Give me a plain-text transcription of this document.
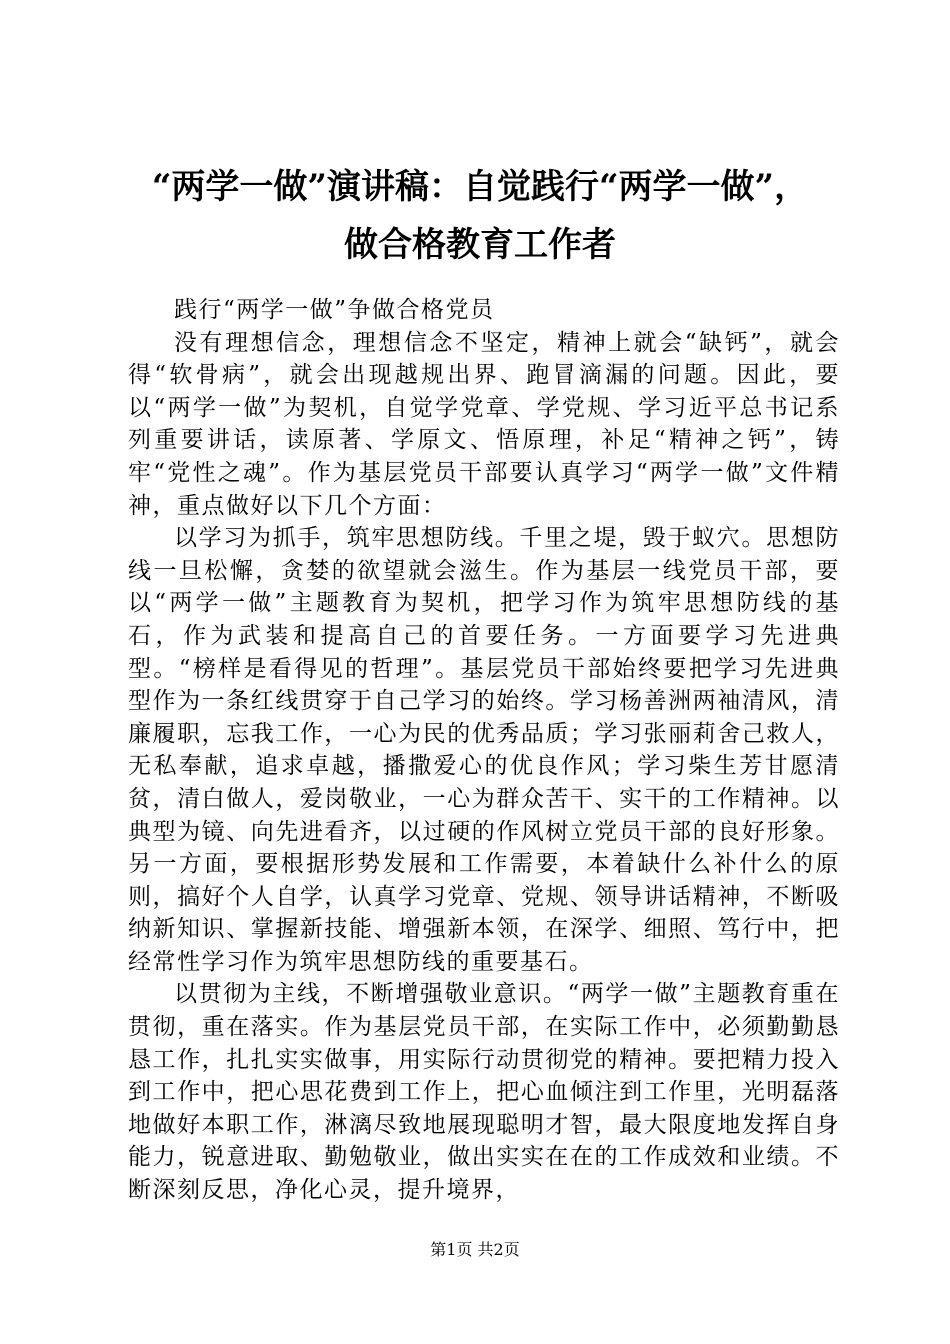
“两学一做”演讲稿：自觉践行“两学一做”，
做合格教育工作者

践行“两学一做”争做合格党员

没有理想信念，理想信念不坚定，精神上就会“缺钙”，就会得“软骨病”，就会出现越规出界、跑冒滴漏的问题。因此，要以“两学一做”为契机，自觉学党章、学党规、学习近平总书记系列重要讲话，读原著、学原文、悟原理，补足“精神之钙”，铸牢“党性之魂”。作为基层党员干部要认真学习“两学一做”文件精神，重点做好以下几个方面：

以学习为抓手，筑牢思想防线。千里之堤，毁于蚁穴。思想防线一旦松懈，贪婪的欲望就会滋生。作为基层一线党员干部，要以“两学一做”主题教育为契机，把学习作为筑牢思想防线的基石，作为武装和提高自己的首要任务。一方面要学习先进典型。“榜样是看得见的哲理”。基层党员干部始终要把学习先进典型作为一条红线贯穿于自己学习的始终。学习杨善洲两袖清风，清廉履职，忘我工作，一心为民的优秀品质；学习张丽莉舍己救人，无私奉献，追求卓越，播撒爱心的优良作风；学习柴生芳甘愿清贫，清白做人，爱岗敬业，一心为群众苦干、实干的工作精神。以典型为镜、向先进看齐，以过硬的作风树立党员干部的良好形象。另一方面，要根据形势发展和工作需要，本着缺什么补什么的原则，搞好个人自学，认真学习党章、党规、领导讲话精神，不断吸纳新知识、掌握新技能、增强新本领，在深学、细照、笃行中，把经常性学习作为筑牢思想防线的重要基石。

以贯彻为主线，不断增强敬业意识。“两学一做”主题教育重在贯彻，重在落实。作为基层党员干部，在实际工作中，必须勤勤恳恳工作，扎扎实实做事，用实际行动贯彻党的精神。要把精力投入到工作中，把心思花费到工作上，把心血倾注到工作里，光明磊落地做好本职工作，淋漓尽致地展现聪明才智，最大限度地发挥自身能力，锐意进取、勤勉敬业，做出实实在在的工作成效和业绩。不断深刻反思，净化心灵，提升境界，

第1页 共2页
